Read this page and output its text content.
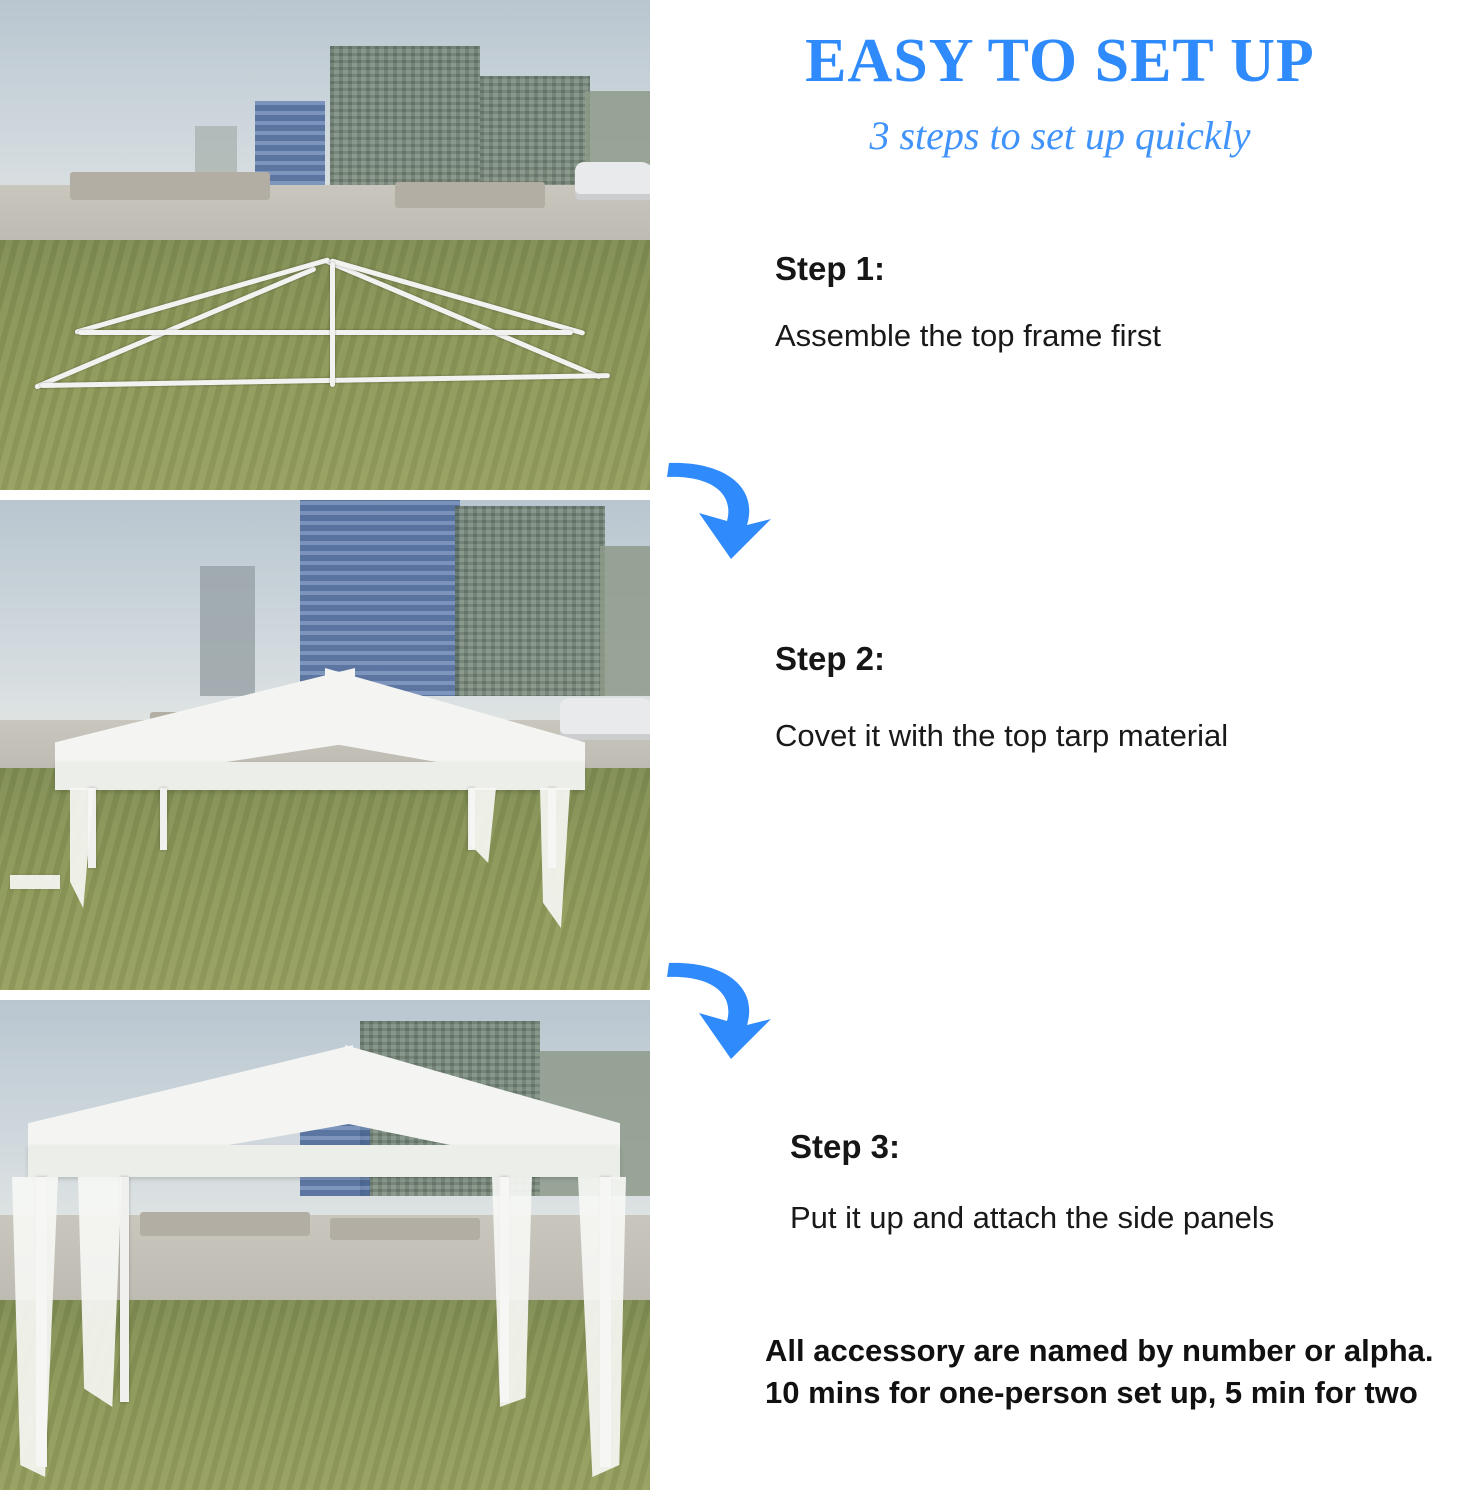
EASY TO SET UP
3 steps to set up quickly
Step 1:
Assemble the top frame first
Step 2:
Covet it with the top tarp material
Step 3:
Put it up and attach the side panels
All accessory are named by number or alpha. 10 mins for one-person set up, 5 min for two
